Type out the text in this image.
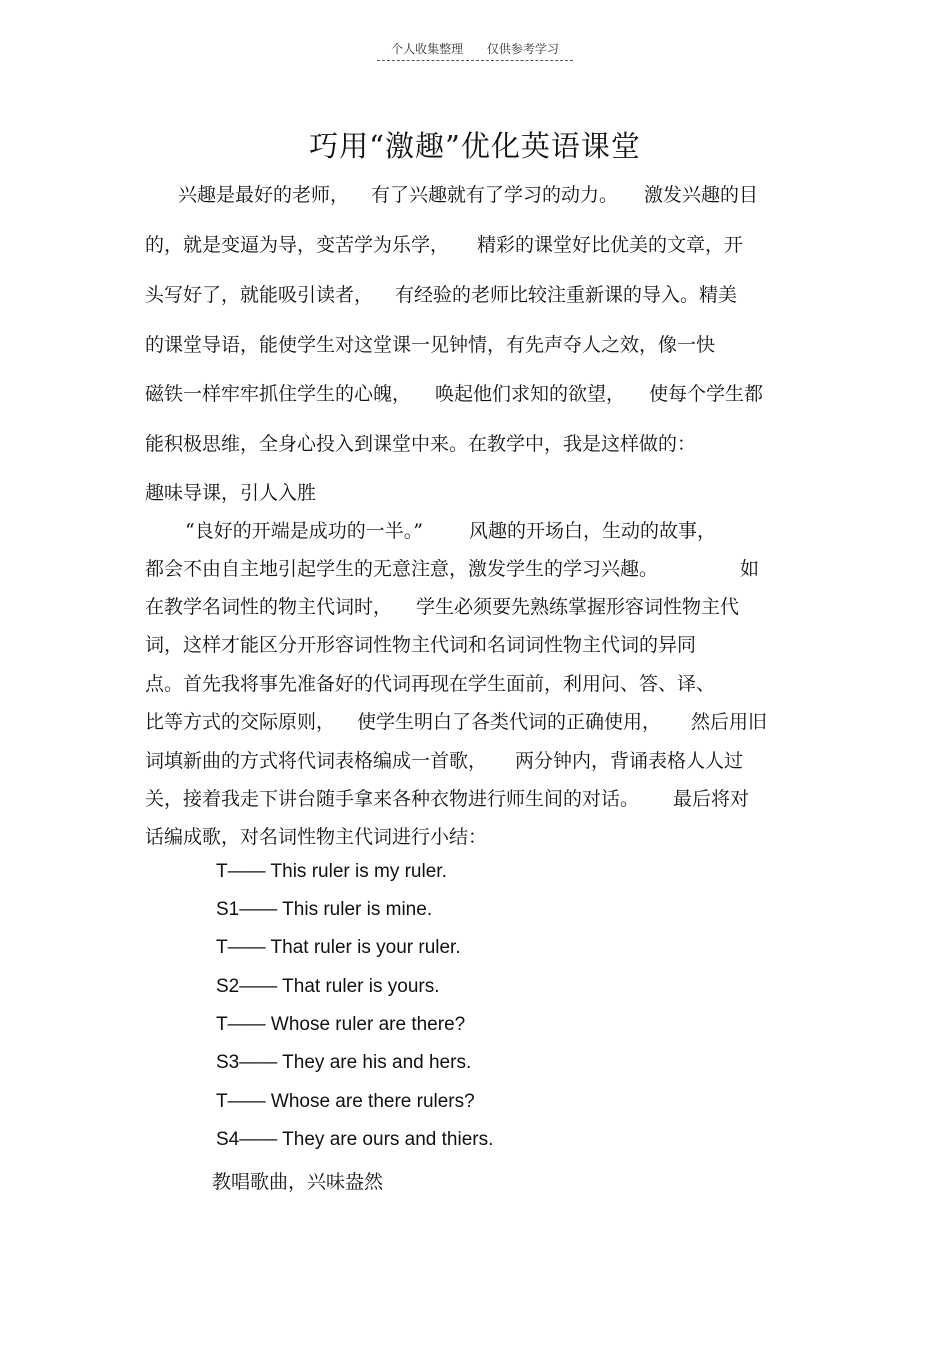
个人收集整理 仅供参考学习
巧用“激趣”优化英语课堂
兴趣是最好的老师， 有了兴趣就有了学习的动力。 激发兴趣的目
的，就是变逼为导，变苦学为乐学， 精彩的课堂好比优美的文章，开
头写好了，就能吸引读者， 有经验的老师比较注重新课的导入。精美
的课堂导语，能使学生对这堂课一见钟情，有先声夺人之效，像一快
磁铁一样牢牢抓住学生的心魄， 唤起他们求知的欲望， 使每个学生都
能积极思维，全身心投入到课堂中来。在教学中，我是这样做的：
趣味导课，引人入胜
“良好的开端是成功的一半。” 风趣的开场白，生动的故事，
都会不由自主地引起学生的无意注意，激发学生的学习兴趣。	如
在教学名词性的物主代词时， 学生必须要先熟练掌握形容词性物主代
词，这样才能区分开形容词性物主代词和名词词性物主代词的异同
点。首先我将事先准备好的代词再现在学生面前，利用问、答、译、
比等方式的交际原则， 使学生明白了各类代词的正确使用， 然后用旧
词填新曲的方式将代词表格编成一首歌， 两分钟内，背诵表格人人过
关，接着我走下讲台随手拿来各种衣物进行师生间的对话。 最后将对
话编成歌，对名词性物主代词进行小结：
T—— This ruler is my ruler.
S1—— This ruler is mine.
T—— That ruler is your ruler.
S2—— That ruler is yours.
T—— Whose ruler are there?
S3—— They are his and hers.
T—— Whose are there rulers?
S4—— They are ours and thiers.
教唱歌曲，兴味盎然
